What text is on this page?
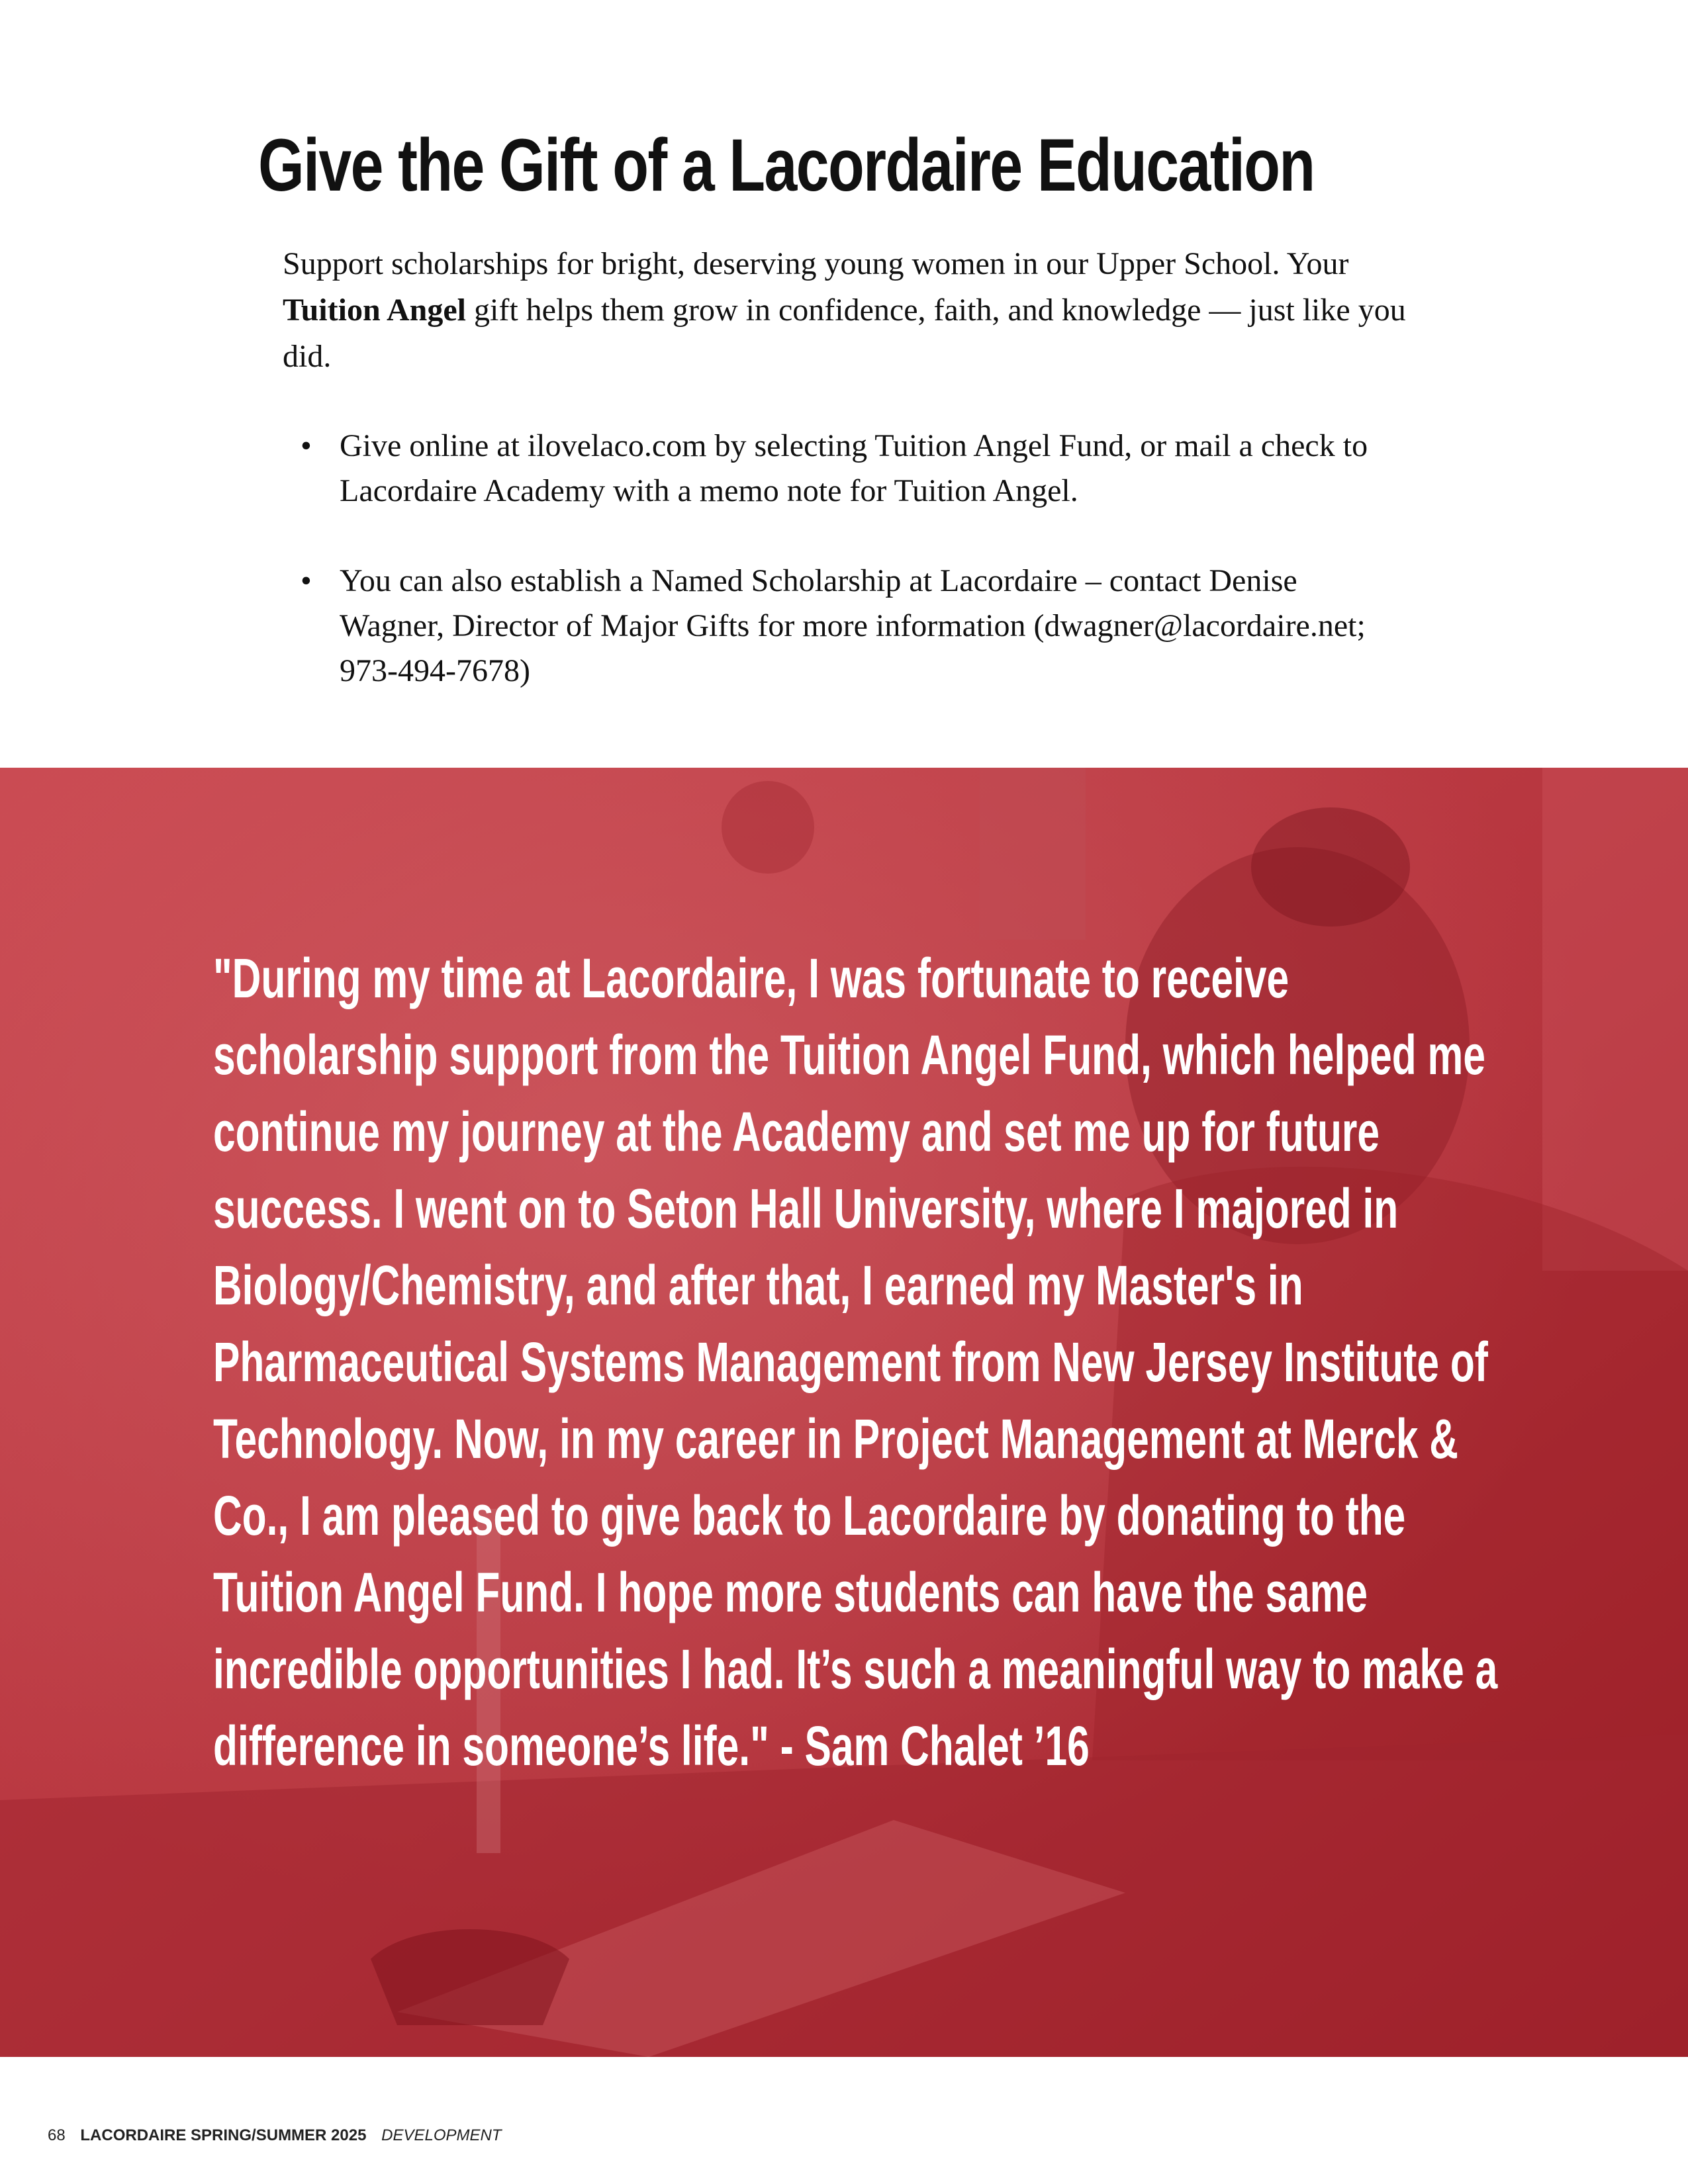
Give the Gift of a Lacordaire Education

Support scholarships for bright, deserving young women in our Upper School. Your Tuition Angel gift helps them grow in confidence, faith, and knowledge — just like you did.

• Give online at ilovelaco.com by selecting Tuition Angel Fund, or mail a check to Lacordaire Academy with a memo note for Tuition Angel.
• You can also establish a Named Scholarship at Lacordaire – contact Denise Wagner, Director of Major Gifts for more information (dwagner@lacordaire.net; 973-494-7678)

"During my time at Lacordaire, I was fortunate to receive scholarship support from the Tuition Angel Fund, which helped me continue my journey at the Academy and set me up for future success. I went on to Seton Hall University, where I majored in Biology/Chemistry, and after that, I earned my Master's in Pharmaceutical Systems Management from New Jersey Institute of Technology. Now, in my career in Project Management at Merck & Co., I am pleased to give back to Lacordaire by donating to the Tuition Angel Fund. I hope more students can have the same incredible opportunities I had. It’s such a meaningful way to make a difference in someone’s life." - Sam Chalet ’16

68 LACORDAIRE SPRING/SUMMER 2025 DEVELOPMENT
